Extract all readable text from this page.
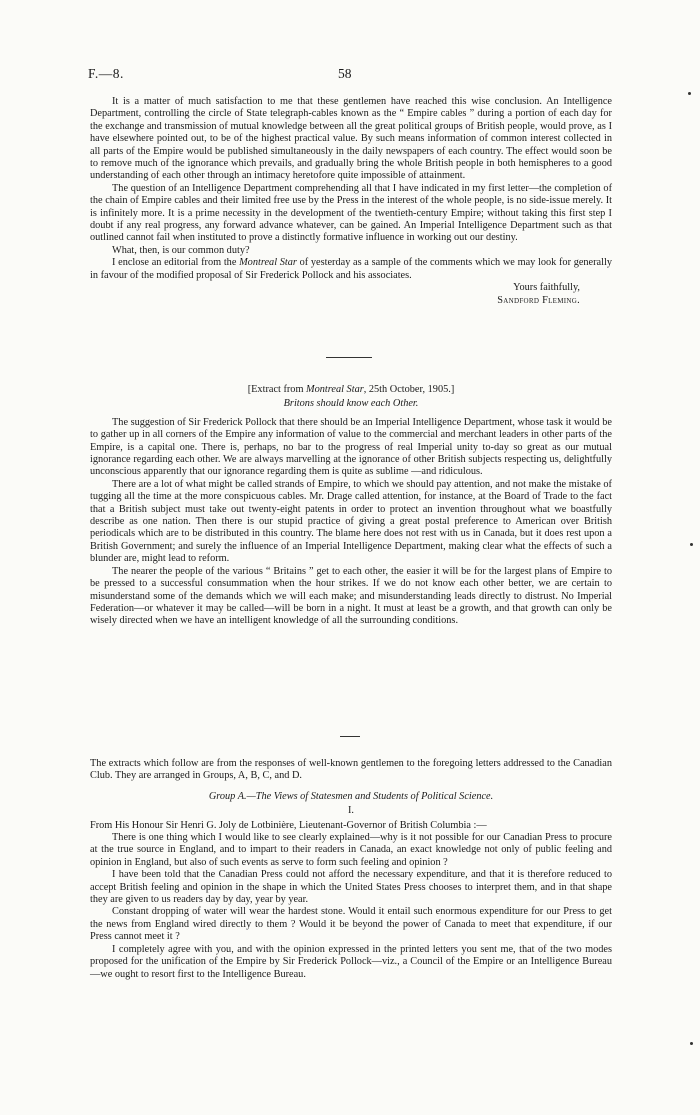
F.—8.	58

It is a matter of much satisfaction to me that these gentlemen have reached this wise conclusion. An Intelligence Department, controlling the circle of State telegraph-cables known as the “ Empire cables ” during a portion of each day for the exchange and transmission of mutual knowledge between all the great political groups of British people, would prove, as I have elsewhere pointed out, to be of the highest practical value. By such means information of common interest collected in all parts of the Empire would be published simultaneously in the daily newspapers of each country. The effect would soon be to remove much of the ignorance which prevails, and gradually bring the whole British people in both hemispheres to a good understanding of each other through an intimacy heretofore quite impossible of attainment.

The question of an Intelligence Department comprehending all that I have indicated in my first letter—the completion of the chain of Empire cables and their limited free use by the Press in the interest of the whole people, is no side-issue merely. It is infinitely more. It is a prime necessity in the development of the twentieth-century Empire; without taking this first step I doubt if any real progress, any forward advance whatever, can be gained. An Imperial Intelligence Department such as that outlined cannot fail when instituted to prove a distinctly formative influence in working out our destiny.

What, then, is our common duty?

I enclose an editorial from the Montreal Star of yesterday as a sample of the comments which we may look for generally in favour of the modified proposal of Sir Frederick Pollock and his associates.

Yours faithfully,

Sandford Fleming.

[Extract from Montreal Star, 25th October, 1905.]

Britons should know each Other.

The suggestion of Sir Frederick Pollock that there should be an Imperial Intelligence Department, whose task it would be to gather up in all corners of the Empire any information of value to the commercial and merchant leaders in other parts of the Empire, is a capital one. There is, perhaps, no bar to the progress of real Imperial unity to-day so great as our mutual ignorance regarding each other. We are always marvelling at the ignorance of other British subjects respecting us, delightfully unconscious apparently that our ignorance regarding them is quite as sublime —and ridiculous.

There are a lot of what might be called strands of Empire, to which we should pay attention, and not make the mistake of tugging all the time at the more conspicuous cables. Mr. Drage called attention, for instance, at the Board of Trade to the fact that a British subject must take out twenty-eight patents in order to protect an invention throughout what we boastfully describe as one nation. Then there is our stupid practice of giving a great postal preference to American over British periodicals which are to be distributed in this country. The blame here does not rest with us in Canada, but it does rest upon a British Government; and surely the influence of an Imperial Intelligence Department, making clear what the effects of such a blunder are, might lead to reform.

The nearer the people of the various “ Britains ” get to each other, the easier it will be for the largest plans of Empire to be pressed to a successful consummation when the hour strikes. If we do not know each other better, we are certain to misunderstand some of the demands which we will each make; and misunderstanding leads directly to distrust. No Imperial Federation—or whatever it may be called—will be born in a night. It must at least be a growth, and that growth can only be wisely directed when we have an intelligent knowledge of all the surrounding conditions.

The extracts which follow are from the responses of well-known gentlemen to the foregoing letters addressed to the Canadian Club. They are arranged in Groups, A, B, C, and D.

Group A.—The Views of Statesmen and Students of Political Science.

I.

From His Honour Sir Henri G. Joly de Lotbinière, Lieutenant-Governor of British Columbia :—

There is one thing which I would like to see clearly explained—why is it not possible for our Canadian Press to procure at the true source in England, and to impart to their readers in Canada, an exact knowledge not only of public feeling and opinion in England, but also of such events as serve to form such feeling and opinion ?

I have been told that the Canadian Press could not afford the necessary expenditure, and that it is therefore reduced to accept British feeling and opinion in the shape in which the United States Press chooses to interpret them, and in that shape they are given to us readers day by day, year by year.

Constant dropping of water will wear the hardest stone. Would it entail such enormous expenditure for our Press to get the news from England wired directly to them ? Would it be beyond the power of Canada to meet that expenditure, if our Press cannot meet it ?

I completely agree with you, and with the opinion expressed in the printed letters you sent me, that of the two modes proposed for the unification of the Empire by Sir Frederick Pollock—viz., a Council of the Empire or an Intelligence Bureau—we ought to resort first to the Intelligence Bureau.
